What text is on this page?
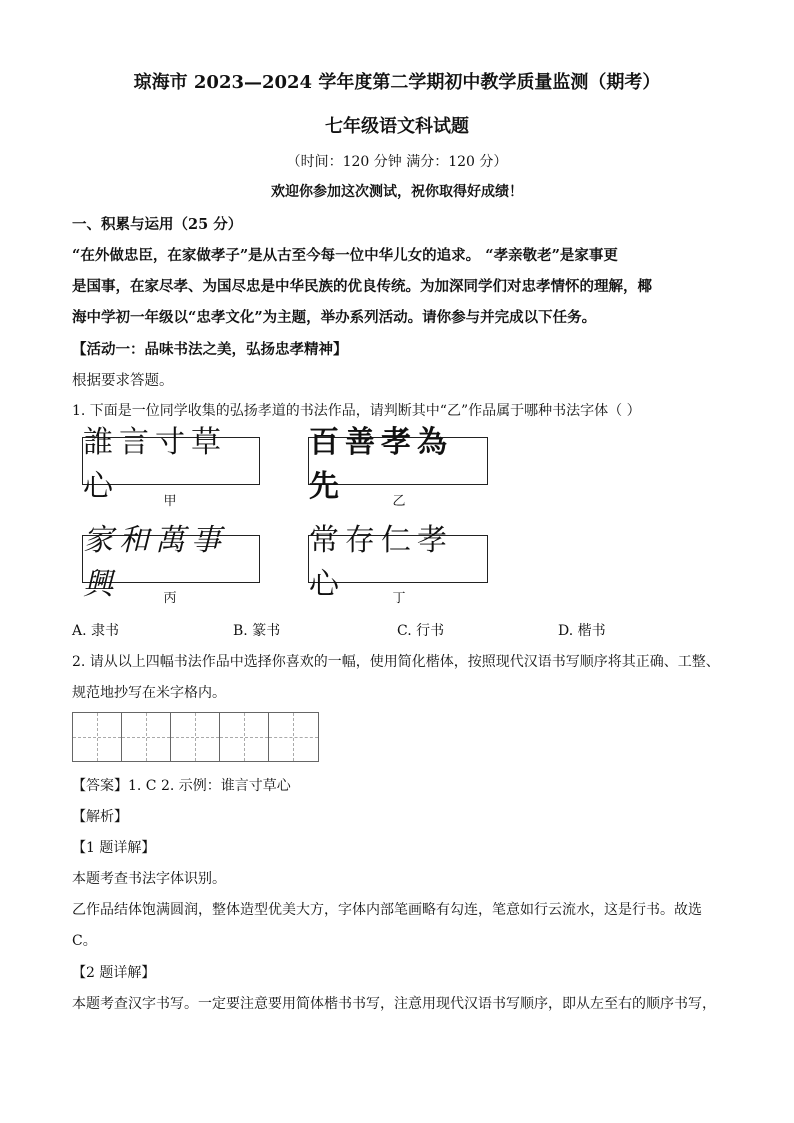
琼海市 2023—2024 学年度第二学期初中教学质量监测（期考）
七年级语文科试题
（时间：120 分钟 满分：120 分）
欢迎你参加这次测试，祝你取得好成绩！
一、积累与运用（25 分）
“在外做忠臣，在家做孝子”是从古至今每一位中华儿女的追求。 “孝亲敬老”是家事更
是国事，在家尽孝、为国尽忠是中华民族的优良传统。为加深同学们对忠孝情怀的理解，椰
海中学初一年级以“忠孝文化”为主题，举办系列活动。请你参与并完成以下任务。
【活动一：品味书法之美，弘扬忠孝精神】
根据要求答题。
1. 下面是一位同学收集的弘扬孝道的书法作品，请判断其中“乙”作品属于哪种书法字体（ ）
誰言寸草心	甲
百善孝為先	乙
家和萬事興	丙
常存仁孝心	丁
A. 隶书	B. 篆书	C. 行书	D. 楷书
2. 请从以上四幅书法作品中选择你喜欢的一幅，使用简化楷体，按照现代汉语书写顺序将其正确、工整、
规范地抄写在米字格内。
【答案】1. C 2. 示例：谁言寸草心
【解析】
【1 题详解】
本题考查书法字体识别。
乙作品结体饱满圆润，整体造型优美大方，字体内部笔画略有勾连，笔意如行云流水，这是行书。故选
C。
【2 题详解】
本题考查汉字书写。一定要注意要用简体楷书书写，注意用现代汉语书写顺序，即从左至右的顺序书写，
